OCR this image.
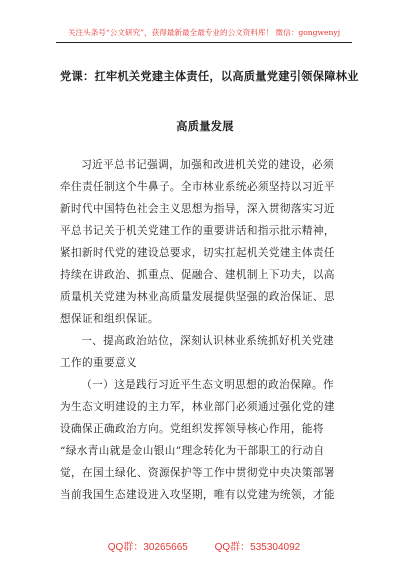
关注头条号“公文研究”，获得最新最全最专业的公文资料库！ 微信：gongwenyj
党课：扛牢机关党建主体责任，以高质量党建引领保障林业
高质量发展
习近平总书记强调，加强和改进机关党的建设，必须
牵住责任制这个牛鼻子。全市林业系统必须坚持以习近平
新时代中国特色社会主义思想为指导，深入贯彻落实习近
平总书记关于机关党建工作的重要讲话和指示批示精神，
紧扣新时代党的建设总要求，切实扛起机关党建主体责任
持续在讲政治、抓重点、促融合、建机制上下功夫，以高
质量机关党建为林业高质量发展提供坚强的政治保证、思
想保证和组织保证。
一、提高政治站位，深刻认识林业系统抓好机关党建
工作的重要意义
（一）这是践行习近平生态文明思想的政治保障。作
为生态文明建设的主力军，林业部门必须通过强化党的建
设确保正确政治方向。党组织发挥领导核心作用，能将
“绿水青山就是金山银山”理念转化为干部职工的行动自
觉，在国土绿化、资源保护等工作中贯彻党中央决策部署
当前我国生态建设进入攻坚期，唯有以党建为统领，才能
QQ群：30265665	QQ群：535304092
